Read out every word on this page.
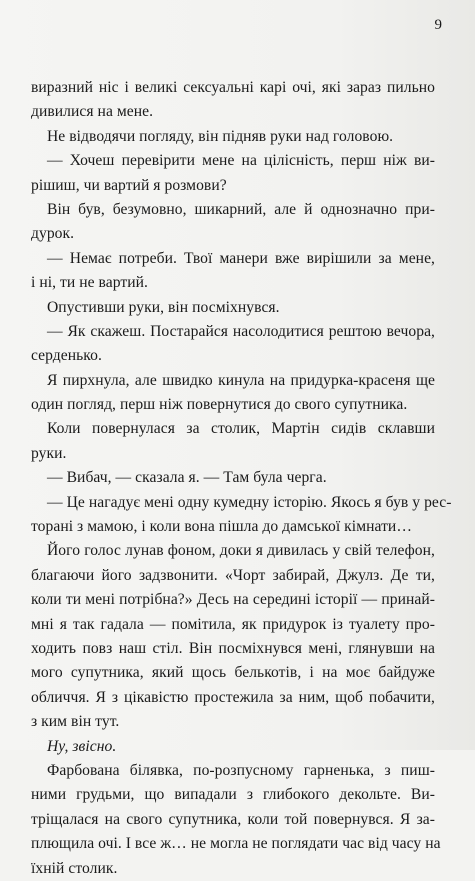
9
виразний ніс і великі сексуальні карі очі, які зараз пильно
дивилися на мене.
Не відводячи погляду, він підняв руки над головою.
— Хочеш перевірити мене на цілісність, перш ніж ви-
рішиш, чи вартий я розмови?
Він був, безумовно, шикарний, але й однозначно при-
дурок.
— Немає потреби. Твої манери вже вирішили за мене,
і ні, ти не вартий.
Опустивши руки, він посміхнувся.
— Як скажеш. Постарайся насолодитися рештою вечора,
серденько.
Я пирхнула, але швидко кинула на придурка-красеня ще
один погляд, перш ніж повернутися до свого супутника.
Коли повернулася за столик, Мартін сидів склавши
руки.
— Вибач, — сказала я. — Там була черга.
— Це нагадує мені одну кумедну історію. Якось я був у рес-
торані з мамою, і коли вона пішла до дамської кімнати…
Його голос лунав фоном, доки я дивилась у свій телефон,
благаючи його задзвонити. «Чорт забирай, Джулз. Де ти,
коли ти мені потрібна?» Десь на середині історії — принай-
мні я так гадала — помітила, як придурок із туалету про-
ходить повз наш стіл. Він посміхнувся мені, глянувши на
мого супутника, який щось белькотів, і на моє байдуже
обличчя. Я з цікавістю простежила за ним, щоб побачити,
з ким він тут.
Ну, звісно.
Фарбована білявка, по-розпусному гарненька, з пиш-
ними грудьми, що випадали з глибокого декольте. Ви-
тріщалася на свого супутника, коли той повернувся. Я за-
плющила очі. І все ж… не могла не поглядати час від часу на
їхній столик.
